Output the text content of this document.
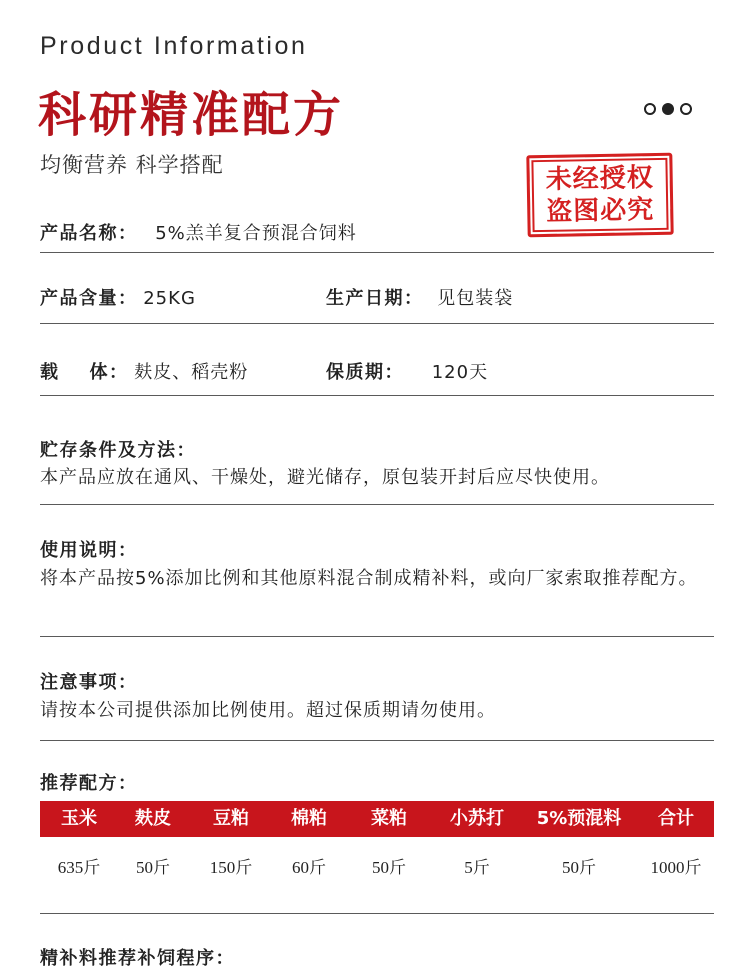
Product Information
科研精准配方
均衡营养 科学搭配	未经授权
盗图必究
产品名称： 5%羔羊复合预混合饲料
产品含量： 25KG	生产日期： 见包装袋
载 体： 麸皮、稻壳粉	保质期： 120天
贮存条件及方法：
本产品应放在通风、干燥处，避光储存，原包装开封后应尽快使用。
使用说明：
将本产品按5%添加比例和其他原料混合制成精补料，或向厂家索取推荐配方。
注意事项：
请按本公司提供添加比例使用。超过保质期请勿使用。
推荐配方：
玉米	麸皮	豆粕	棉粕	菜粕	小苏打	5%预混料	合计
635斤	50斤	150斤	60斤	50斤	5斤	50斤	1000斤
精补料推荐补饲程序：
